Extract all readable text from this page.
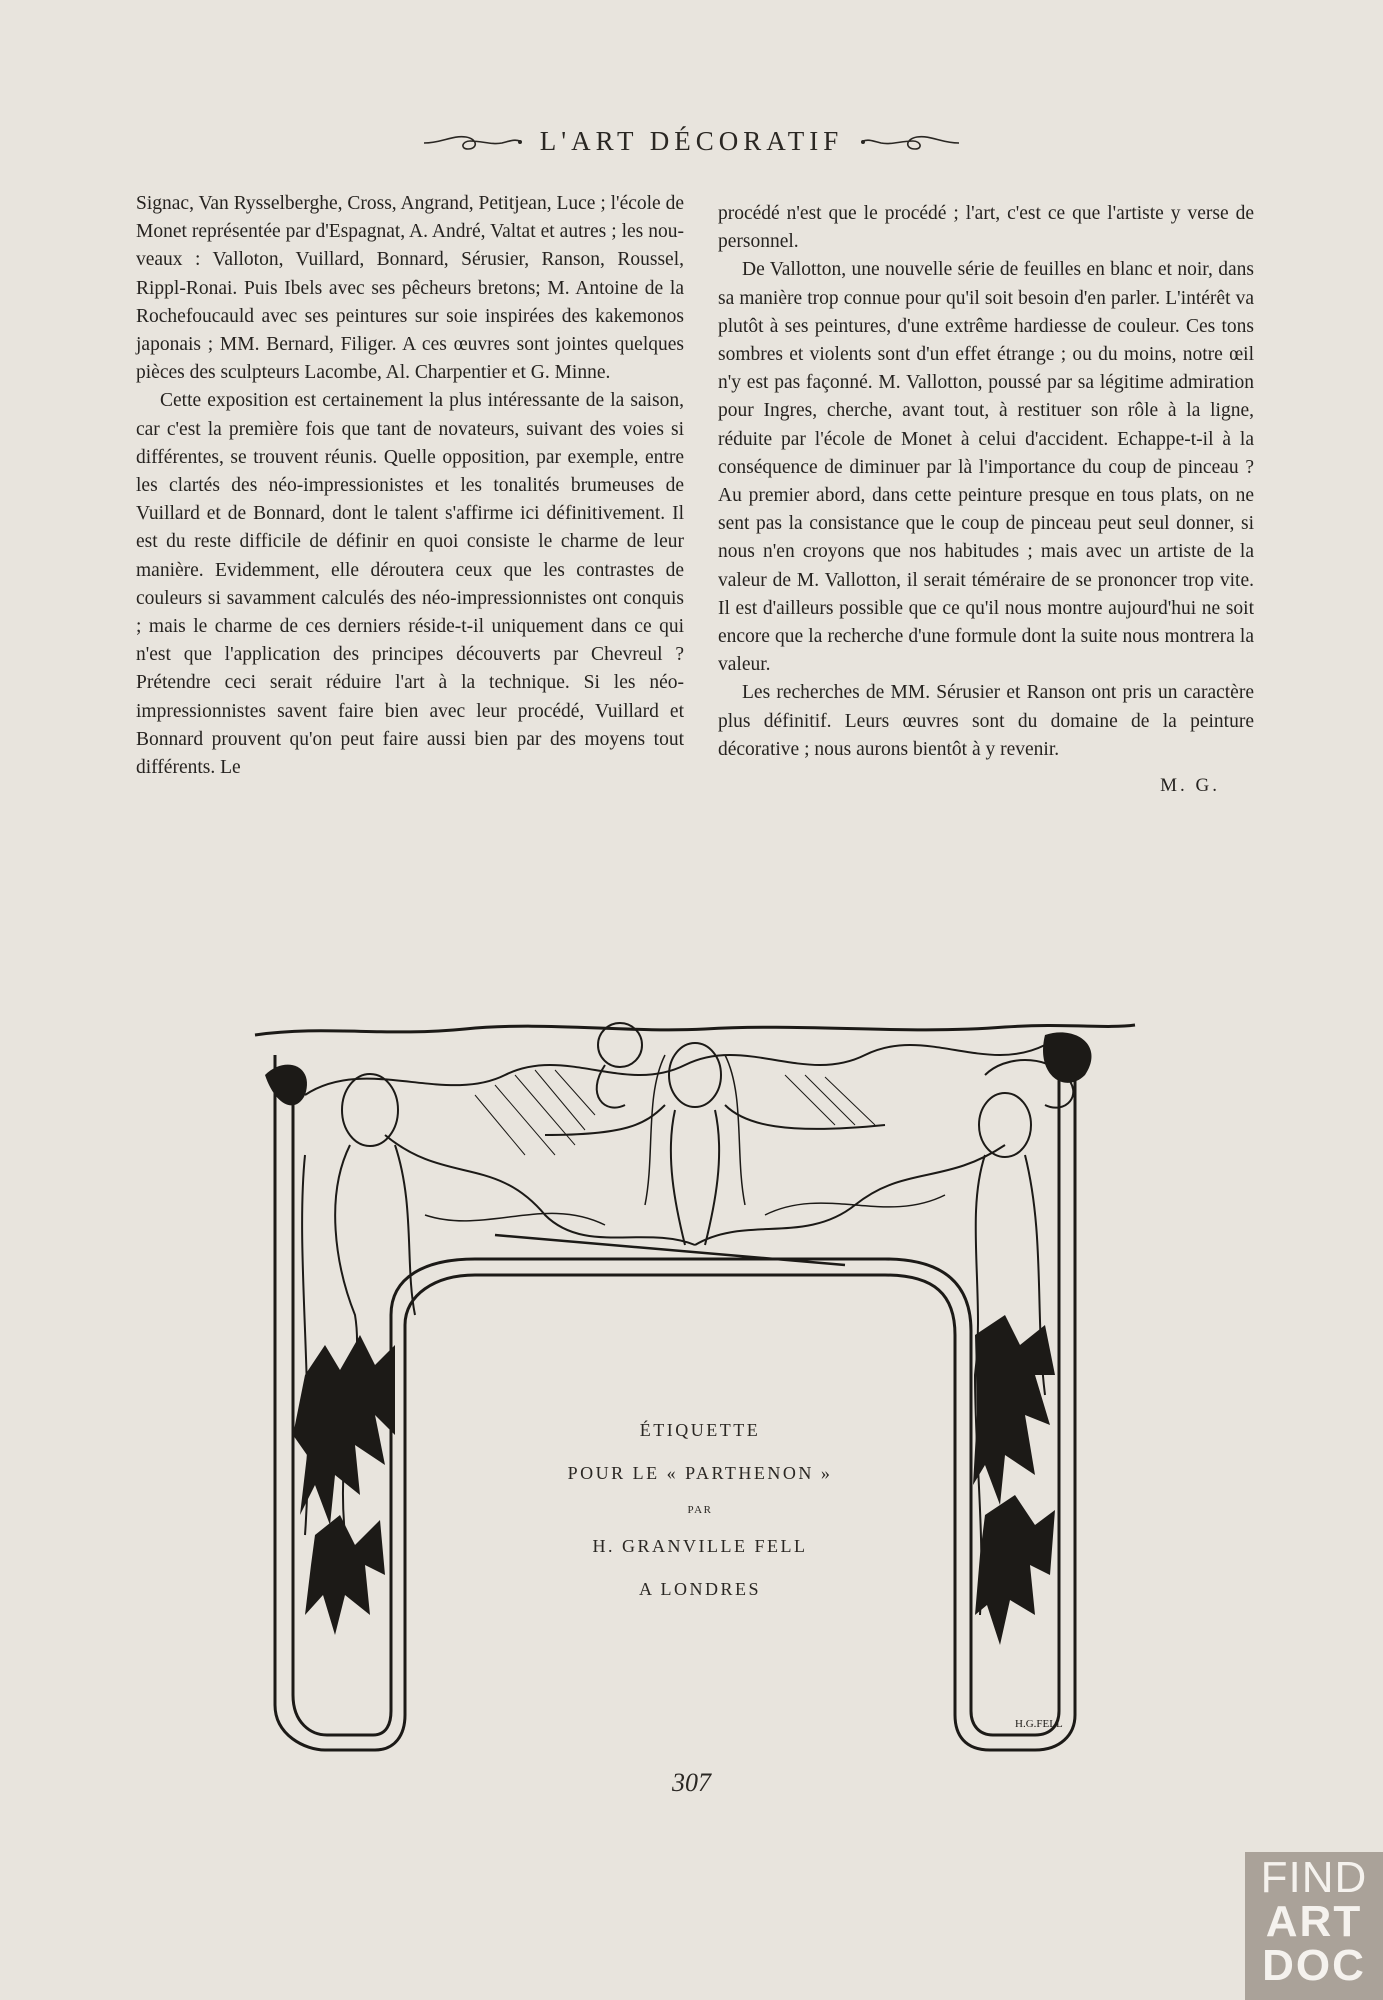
L'ART DÉCORATIF

Signac, Van Rysselberghe, Cross, Angrand, Petitjean, Luce ; l'école de Monet représentée par d'Espagnat, A. André, Valtat et autres ; les nouveaux : Valloton, Vuillard, Bonnard, Sérusier, Ranson, Roussel, Rippl-Ronai. Puis Ibels avec ses pêcheurs bretons; M. Antoine de la Rochefoucauld avec ses peintures sur soie inspirées des kakemonos japonais ; MM. Bernard, Filiger. A ces œuvres sont jointes quelques pièces des sculpteurs Lacombe, Al. Charpentier et G. Minne.

Cette exposition est certainement la plus intéressante de la saison, car c'est la première fois que tant de novateurs, suivant des voies si différentes, se trouvent réunis. Quelle opposition, par exemple, entre les clartés des néo-impressionistes et les tonalités brumeuses de Vuillard et de Bonnard, dont le talent s'affirme ici définitivement. Il est du reste difficile de définir en quoi consiste le charme de leur manière. Evidemment, elle déroutera ceux que les contrastes de couleurs si savamment calculés des néo-impressionnistes ont conquis ; mais le charme de ces derniers réside-t-il uniquement dans ce qui n'est que l'application des principes découverts par Chevreul ? Prétendre ceci serait réduire l'art à la technique. Si les néo-impressionnistes savent faire bien avec leur procédé, Vuillard et Bonnard prouvent qu'on peut faire aussi bien par des moyens tout différents. Le

procédé n'est que le procédé ; l'art, c'est ce que l'artiste y verse de personnel.

De Vallotton, une nouvelle série de feuilles en blanc et noir, dans sa manière trop connue pour qu'il soit besoin d'en parler. L'intérêt va plutôt à ses peintures, d'une extrême hardiesse de couleur. Ces tons sombres et violents sont d'un effet étrange ; ou du moins, notre œil n'y est pas façonné. M. Vallotton, poussé par sa légitime admiration pour Ingres, cherche, avant tout, à restituer son rôle à la ligne, réduite par l'école de Monet à celui d'accident. Echappe-t-il à la conséquence de diminuer par là l'importance du coup de pinceau ? Au premier abord, dans cette peinture presque en tous plats, on ne sent pas la consistance que le coup de pinceau peut seul donner, si nous n'en croyons que nos habitudes ; mais avec un artiste de la valeur de M. Vallotton, il serait téméraire de se prononcer trop vite. Il est d'ailleurs possible que ce qu'il nous montre aujourd'hui ne soit encore que la recherche d'une formule dont la suite nous montrera la valeur.

Les recherches de MM. Sérusier et Ranson ont pris un caractère plus définitif. Leurs œuvres sont du domaine de la peinture décorative ; nous aurons bientôt à y revenir.

M. G.

H.G.FELL
ÉTIQUETTE
POUR LE « PARTHENON »
PAR
H. GRANVILLE FELL
A LONDRES
307
FIND
ART
DOC
